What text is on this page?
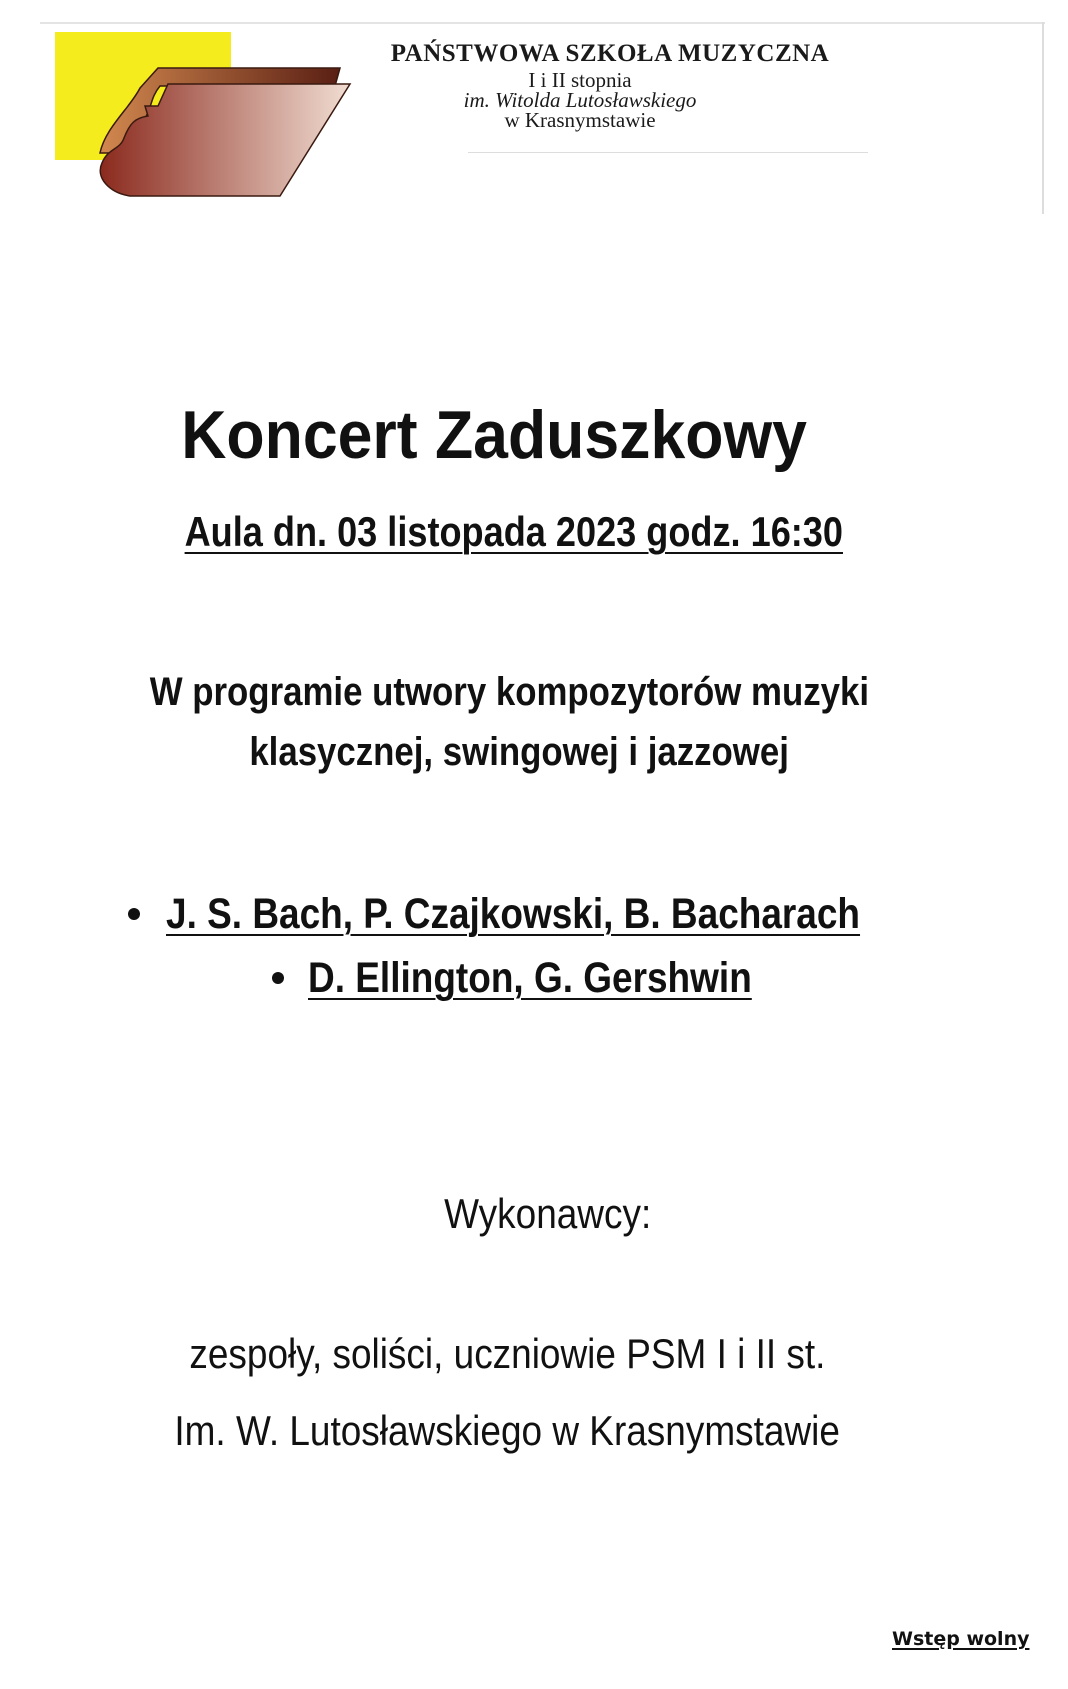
PAŃSTWOWA SZKOŁA MUZYCZNA
I i II stopnia
im. Witolda Lutosławskiego
w Krasnymstawie
Koncert Zaduszkowy
Aula dn. 03 listopada 2023 godz. 16:30
W programie utwory kompozytorów muzyki
klasycznej, swingowej i jazzowej
J. S. Bach, P. Czajkowski, B. Bacharach
D. Ellington, G. Gershwin
Wykonawcy:
zespoły, soliści, uczniowie PSM I i II st.
Im. W. Lutosławskiego w Krasnymstawie
Wstęp wolny
